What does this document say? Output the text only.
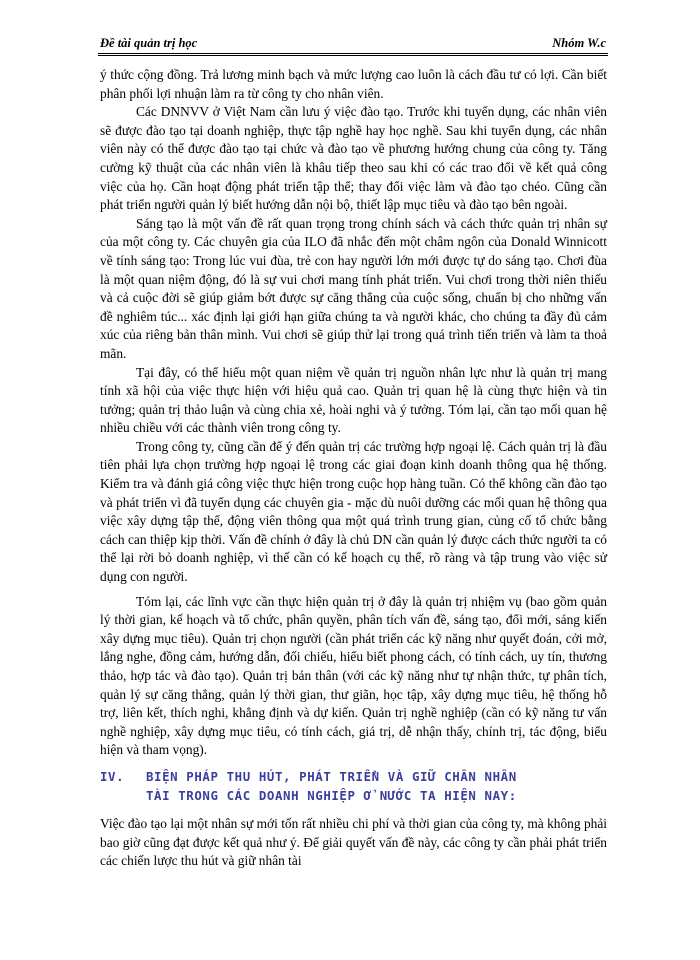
Đề tài quản trị học	Nhóm W.c

ý thức cộng đồng. Trả lương minh bạch và mức lượng cao luôn là cách đầu tư có lợi. Cần biết phân phối lợi nhuận làm ra từ công ty cho nhân viên.

Các DNNVV ở Việt Nam cần lưu ý việc đào tạo. Trước khi tuyển dụng, các nhân viên sẽ được đào tạo tại doanh nghiệp, thực tập nghề hay học nghề. Sau khi tuyển dụng, các nhân viên này có thể được đào tạo tại chức và đào tạo về phương hướng chung của công ty. Tăng cường kỹ thuật của các nhân viên là khâu tiếp theo sau khi có các trao đổi về kết quả công việc của họ. Cần hoạt động phát triển tập thể; thay đổi việc làm và đào tạo chéo. Cũng cần phát triển người quản lý biết hướng dẫn nội bộ, thiết lập mục tiêu và đào tạo bên ngoài.

Sáng tạo là một vấn đề rất quan trọng trong chính sách và cách thức quản trị nhân sự của một công ty. Các chuyên gia của ILO đã nhắc đến một châm ngôn của Donald Winnicott về tính sáng tạo: Trong lúc vui đùa, trẻ con hay người lớn mới được tự do sáng tạo. Chơi đùa là một quan niệm động, đó là sự vui chơi mang tính phát triển. Vui chơi trong thời niên thiếu và cả cuộc đời sẽ giúp giảm bớt được sự căng thẳng của cuộc sống, chuẩn bị cho những vấn đề nghiêm túc... xác định lại giới hạn giữa chúng ta và người khác, cho chúng ta đầy đủ cảm xúc của riêng bản thân mình. Vui chơi sẽ giúp thử lại trong quá trình tiến triển và làm ta thoả mãn.

Tại đây, có thể hiểu một quan niệm về quản trị nguồn nhân lực như là quản trị mang tính xã hội của việc thực hiện với hiệu quả cao. Quản trị quan hệ là cùng thực hiện và tin tưởng; quản trị thảo luận và cùng chia xẻ, hoài nghi và ý tưởng. Tóm lại, cần tạo mối quan hệ nhiều chiều với các thành viên trong công ty.

Trong công ty, cũng cần để ý đến quản trị các trường hợp ngoại lệ. Cách quản trị là đầu tiên phải lựa chọn trường hợp ngoại lệ trong các giai đoạn kinh doanh thông qua hệ thống. Kiểm tra và đánh giá công việc thực hiện trong cuộc họp hàng tuần. Có thể không cần đào tạo và phát triển vì đã tuyển dụng các chuyên gia - mặc dù nuôi dưỡng các mối quan hệ thông qua việc xây dựng tập thể, động viên thông qua một quá trình trung gian, củng cố tổ chức bằng cách can thiệp kịp thời. Vấn đề chính ở đây là chủ DN cần quản lý được cách thức người ta có thể lại rời bỏ doanh nghiệp, vì thế cần có kế hoạch cụ thể, rõ ràng và tập trung vào việc sử dụng con người.

Tóm lại, các lĩnh vực cần thực hiện quản trị ở đây là quản trị nhiệm vụ (bao gồm quản lý thời gian, kế hoạch và tổ chức, phân quyền, phân tích vấn đề, sáng tạo, đổi mới, sáng kiến xây dựng mục tiêu). Quản trị chọn người (cần phát triển các kỹ năng như quyết đoán, cởi mở, lắng nghe, đồng cảm, hướng dẫn, đối chiếu, hiểu biết phong cách, có tính cách, uy tín, thương thảo, hợp tác và đào tạo). Quản trị bản thân (với các kỹ năng như tự nhận thức, tự phân tích, quản lý sự căng thẳng, quản lý thời gian, thư giãn, học tập, xây dựng mục tiêu, hệ thống hỗ trợ, liên kết, thích nghi, khẳng định và dự kiến. Quản trị nghề nghiệp (cần có kỹ năng tư vấn nghề nghiệp, xây dựng mục tiêu, có tính cách, giá trị, dễ nhận thấy, chính trị, tác động, biểu hiện và tham vọng).

IV. BIỆN PHÁP THU HÚT, PHÁT TRIỂN VÀ GIỮ CHÂN NHÂN
TÀI TRONG CÁC DOANH NGHIỆP Ở NƯỚC TA HIỆN NAY:

Việc đào tạo lại một nhân sự mới tốn rất nhiều chi phí và thời gian của công ty, mà không phải bao giờ cũng đạt được kết quả như ý. Để giải quyết vấn đề này, các công ty cần phải phát triển các chiến lược thu hút và giữ nhân tài
